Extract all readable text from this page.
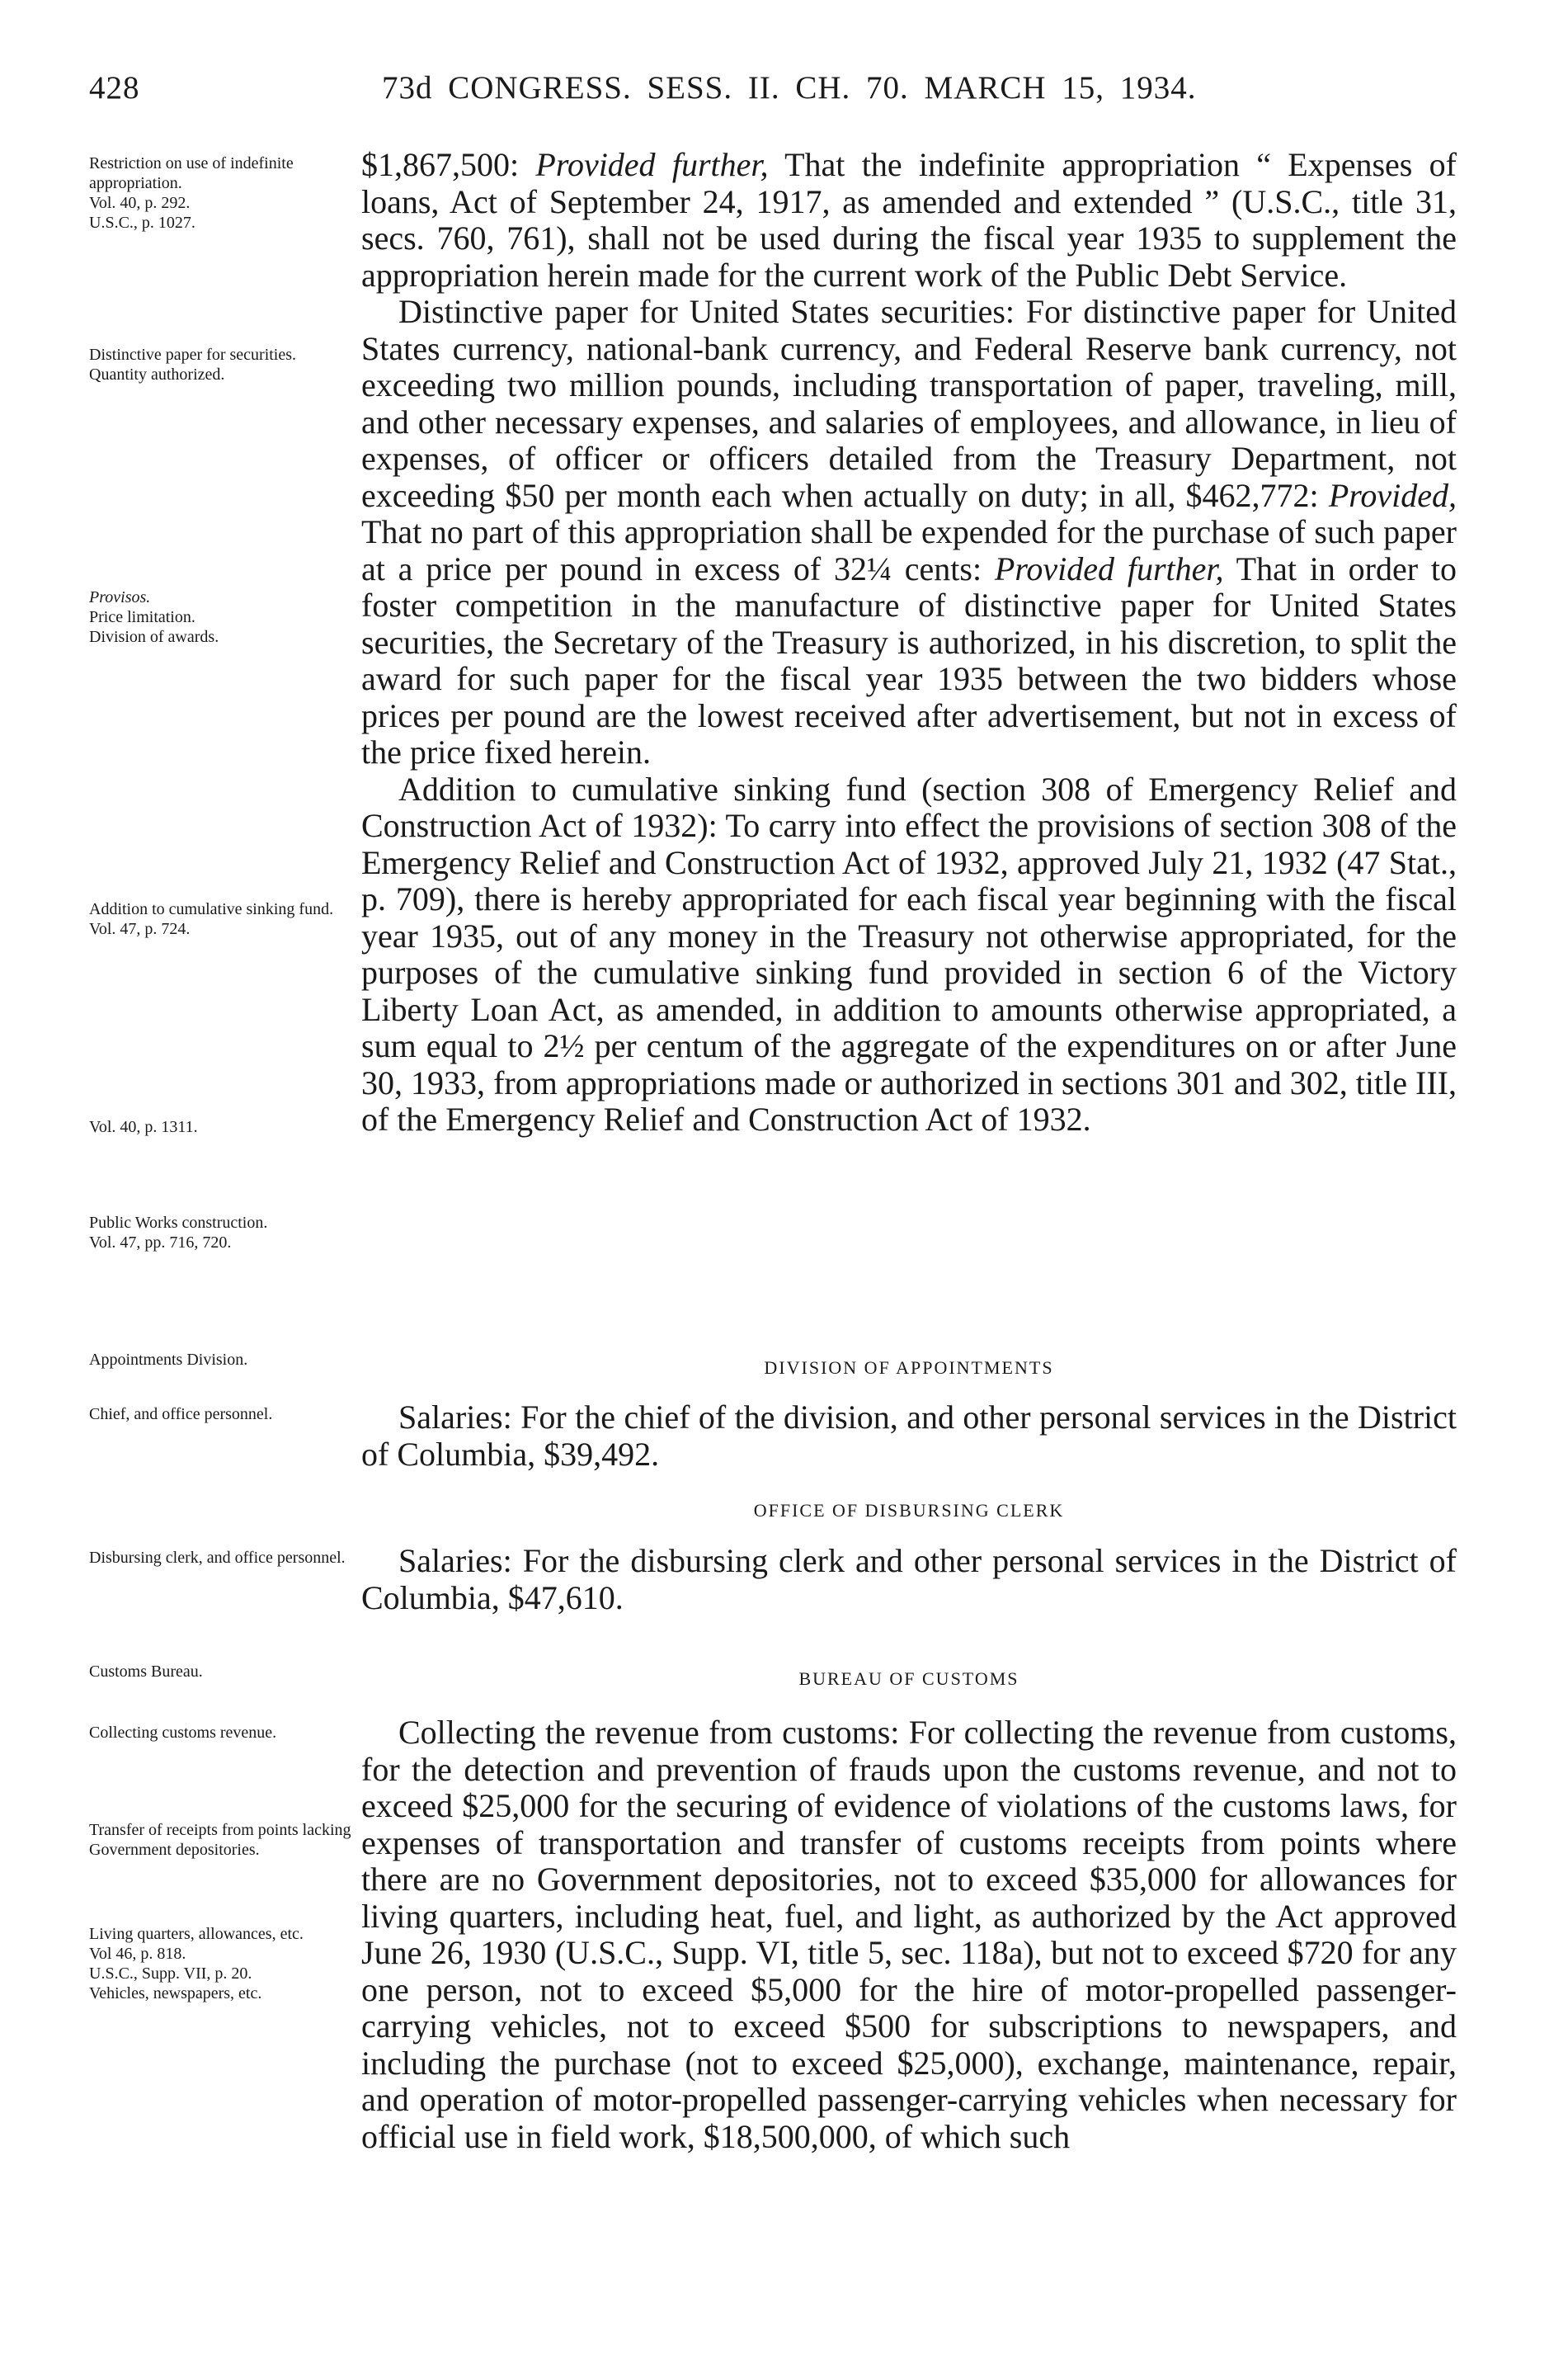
428	73d CONGRESS. SESS. II. CH. 70. MARCH 15, 1934.
Restriction on use of indefinite appropriation.
Vol. 40, p. 292.
U.S.C., p. 1027.
Distinctive paper for securities.
Quantity authorized.
Provisos.
Price limitation.
Division of awards.
Addition to cumulative sinking fund.
Vol. 47, p. 724.
Vol. 40, p. 1311.
Public Works construction.
Vol. 47, pp. 716, 720.
Appointments Division.
Chief, and office personnel.
Disbursing clerk, and office personnel.
Customs Bureau.
Collecting customs revenue.
Transfer of receipts from points lacking Government depositories.
Living quarters, allowances, etc.
Vol 46, p. 818.
U.S.C., Supp. VII, p. 20.
Vehicles, newspapers, etc.

$1,867,500: Provided further, That the indefinite appropriation “ Expenses of loans, Act of September 24, 1917, as amended and extended ” (U.S.C., title 31, secs. 760, 761), shall not be used during the fiscal year 1935 to supplement the appropriation herein made for the current work of the Public Debt Service.

Distinctive paper for United States securities: For distinctive paper for United States currency, national-bank currency, and Federal Reserve bank currency, not exceeding two million pounds, including transportation of paper, traveling, mill, and other necessary expenses, and salaries of employees, and allowance, in lieu of expenses, of officer or officers detailed from the Treasury Department, not exceeding $50 per month each when actually on duty; in all, $462,772: Provided, That no part of this appropriation shall be expended for the purchase of such paper at a price per pound in excess of 32¼ cents: Provided further, That in order to foster competition in the manufacture of distinctive paper for United States securities, the Secretary of the Treasury is authorized, in his discretion, to split the award for such paper for the fiscal year 1935 between the two bidders whose prices per pound are the lowest received after advertisement, but not in excess of the price fixed herein.

Addition to cumulative sinking fund (section 308 of Emergency Relief and Construction Act of 1932): To carry into effect the provisions of section 308 of the Emergency Relief and Construction Act of 1932, approved July 21, 1932 (47 Stat., p. 709), there is hereby appropriated for each fiscal year beginning with the fiscal year 1935, out of any money in the Treasury not otherwise appropriated, for the purposes of the cumulative sinking fund provided in section 6 of the Victory Liberty Loan Act, as amended, in addition to amounts otherwise appropriated, a sum equal to 2½ per centum of the aggregate of the expenditures on or after June 30, 1933, from appropriations made or authorized in sections 301 and 302, title III, of the Emergency Relief and Construction Act of 1932.

DIVISION OF APPOINTMENTS

Salaries: For the chief of the division, and other personal services in the District of Columbia, $39,492.

OFFICE OF DISBURSING CLERK

Salaries: For the disbursing clerk and other personal services in the District of Columbia, $47,610.

BUREAU OF CUSTOMS

Collecting the revenue from customs: For collecting the revenue from customs, for the detection and prevention of frauds upon the customs revenue, and not to exceed $25,000 for the securing of evidence of violations of the customs laws, for expenses of transportation and transfer of customs receipts from points where there are no Government depositories, not to exceed $35,000 for allowances for living quarters, including heat, fuel, and light, as authorized by the Act approved June 26, 1930 (U.S.C., Supp. VI, title 5, sec. 118a), but not to exceed $720 for any one person, not to exceed $5,000 for the hire of motor-propelled passenger-carrying vehicles, not to exceed $500 for subscriptions to newspapers, and including the purchase (not to exceed $25,000), exchange, maintenance, repair, and operation of motor-propelled passenger-carrying vehicles when necessary for official use in field work, $18,500,000, of which such
